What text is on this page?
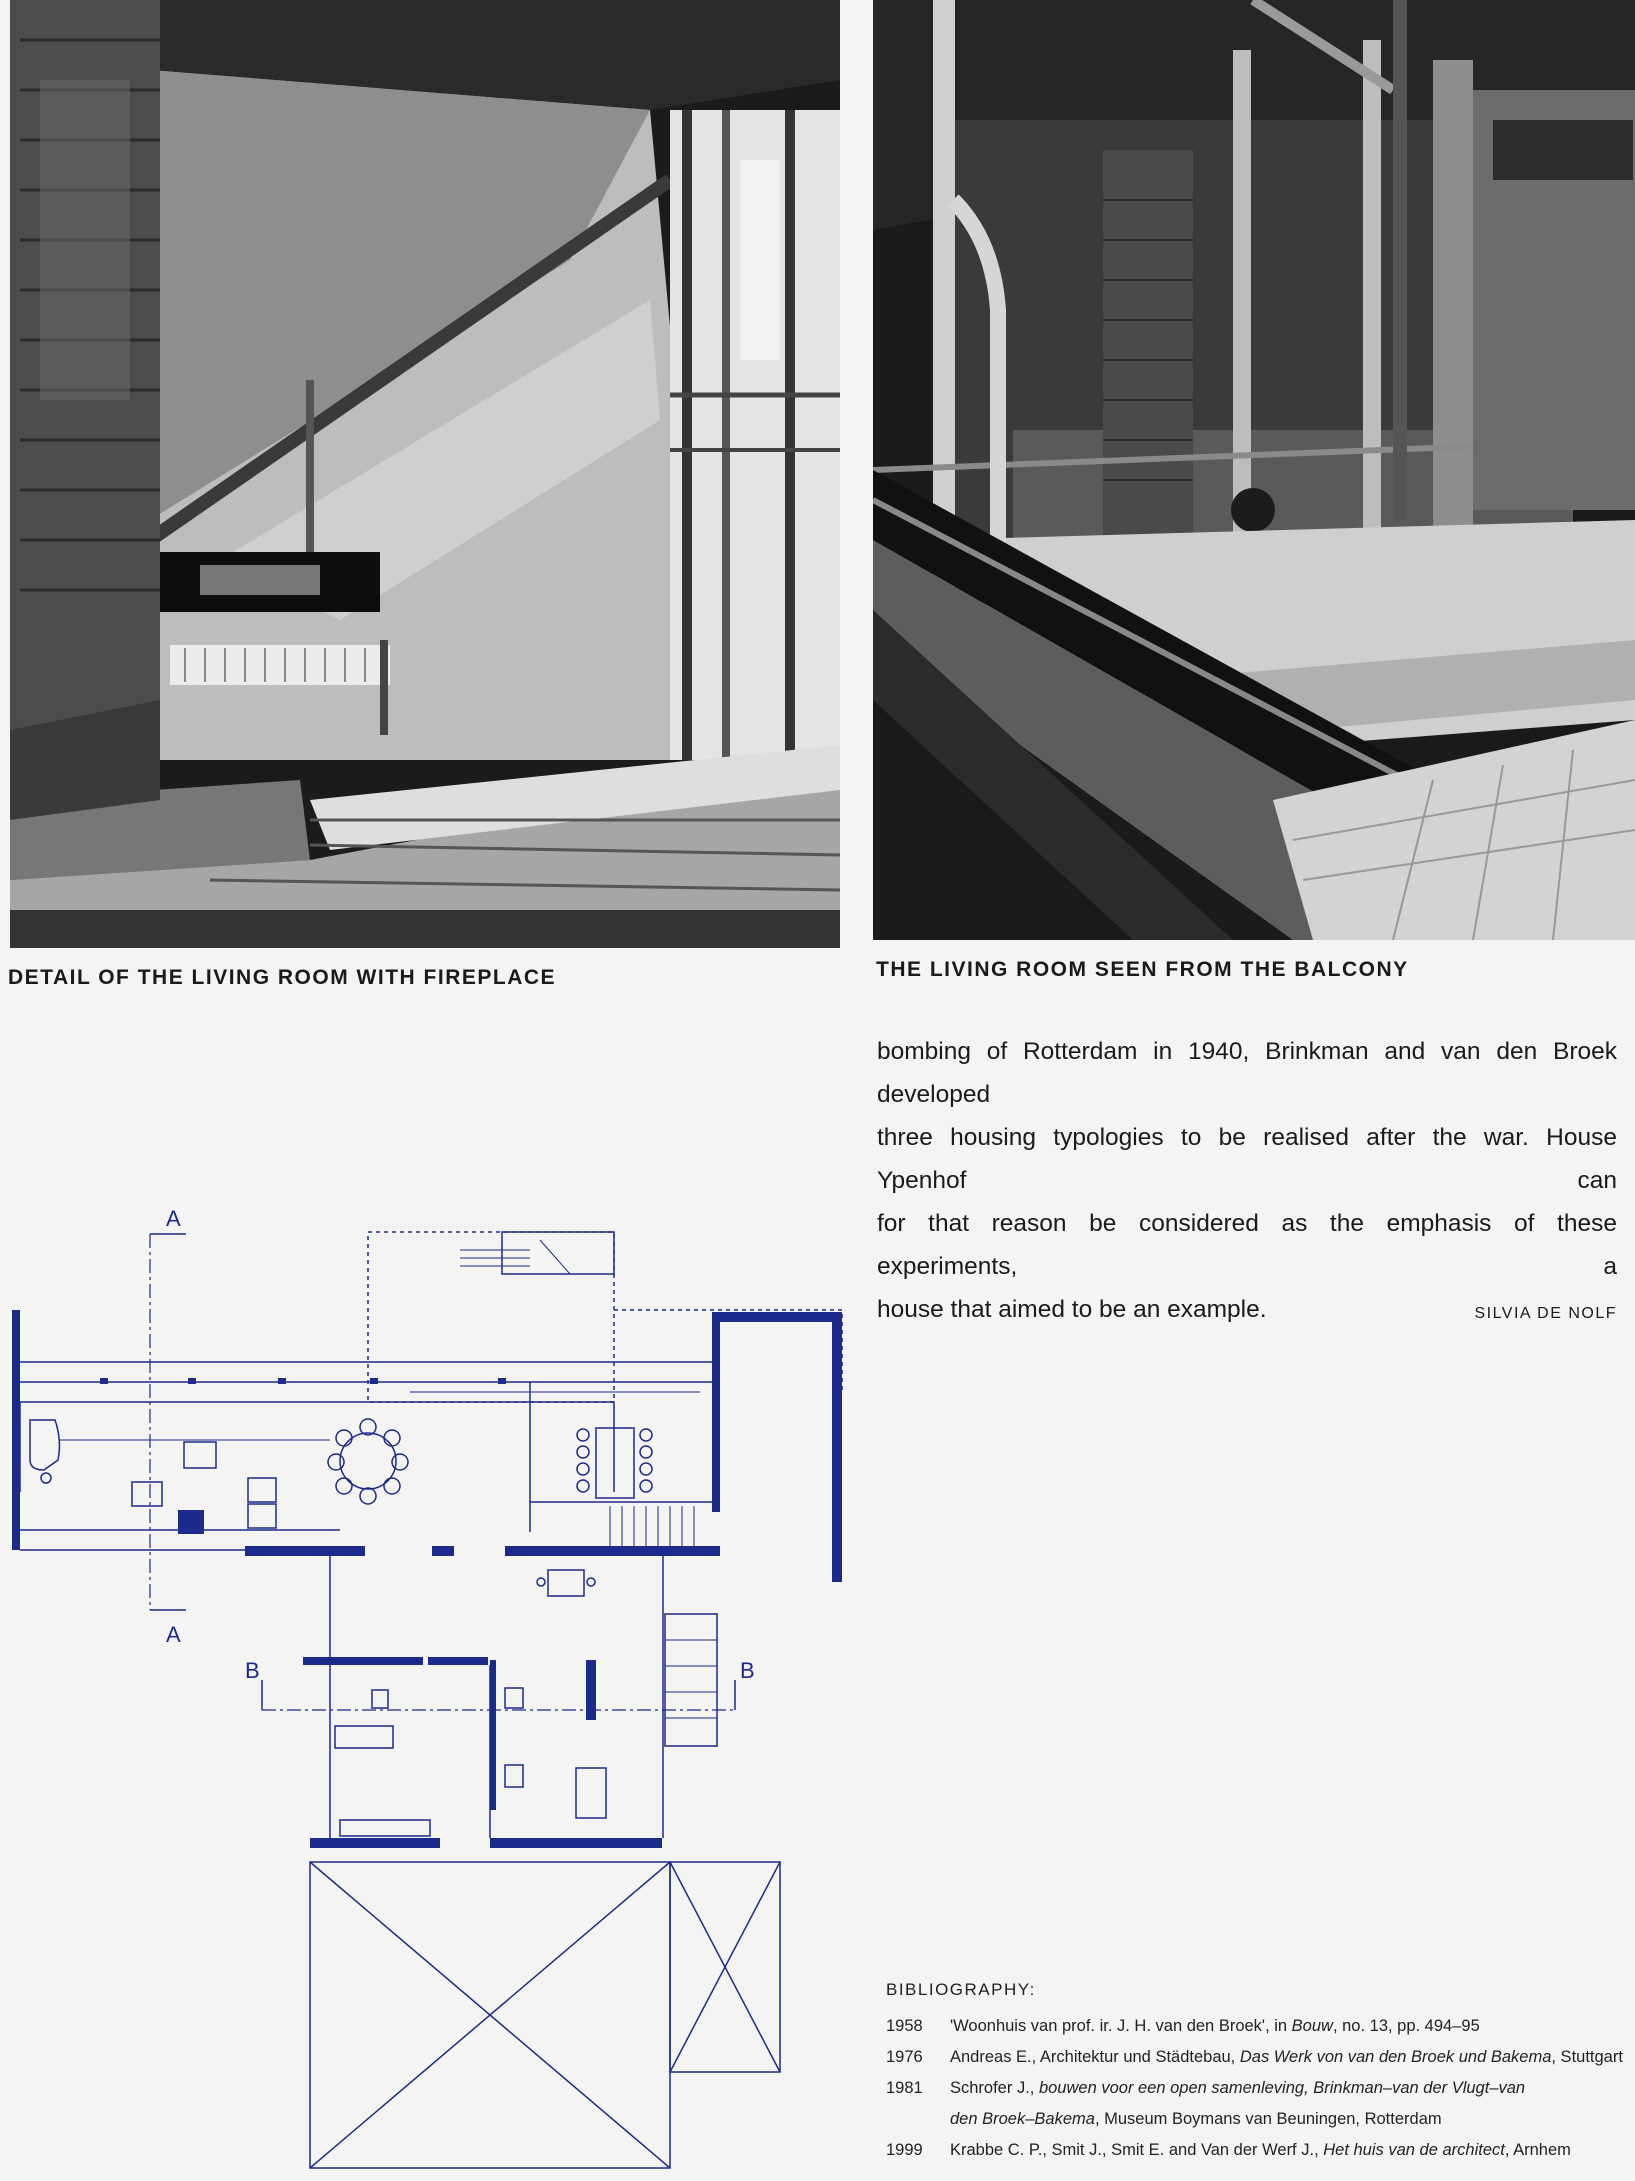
DETAIL OF THE LIVING ROOM WITH FIREPLACE	THE LIVING ROOM SEEN FROM THE BALCONY
bombing of Rotterdam in 1940, Brinkman and van den Broek developed
three housing typologies to be realised after the war. House Ypenhof can
for that reason be considered as the emphasis of these experiments, a
house that aimed to be an example.	SILVIA DE NOLF
A
A
B	B
BIBLIOGRAPHY:
1958	'Woonhuis van prof. ir. J. H. van den Broek', in Bouw, no. 13, pp. 494–95
1976	Andreas E., Architektur und Städtebau, Das Werk von van den Broek und Bakema, Stuttgart
1981	Schrofer J., bouwen voor een open samenleving, Brinkman–van der Vlugt–van
den Broek–Bakema, Museum Boymans van Beuningen, Rotterdam
1999	Krabbe C. P., Smit J., Smit E. and Van der Werf J., Het huis van de architect, Arnhem
